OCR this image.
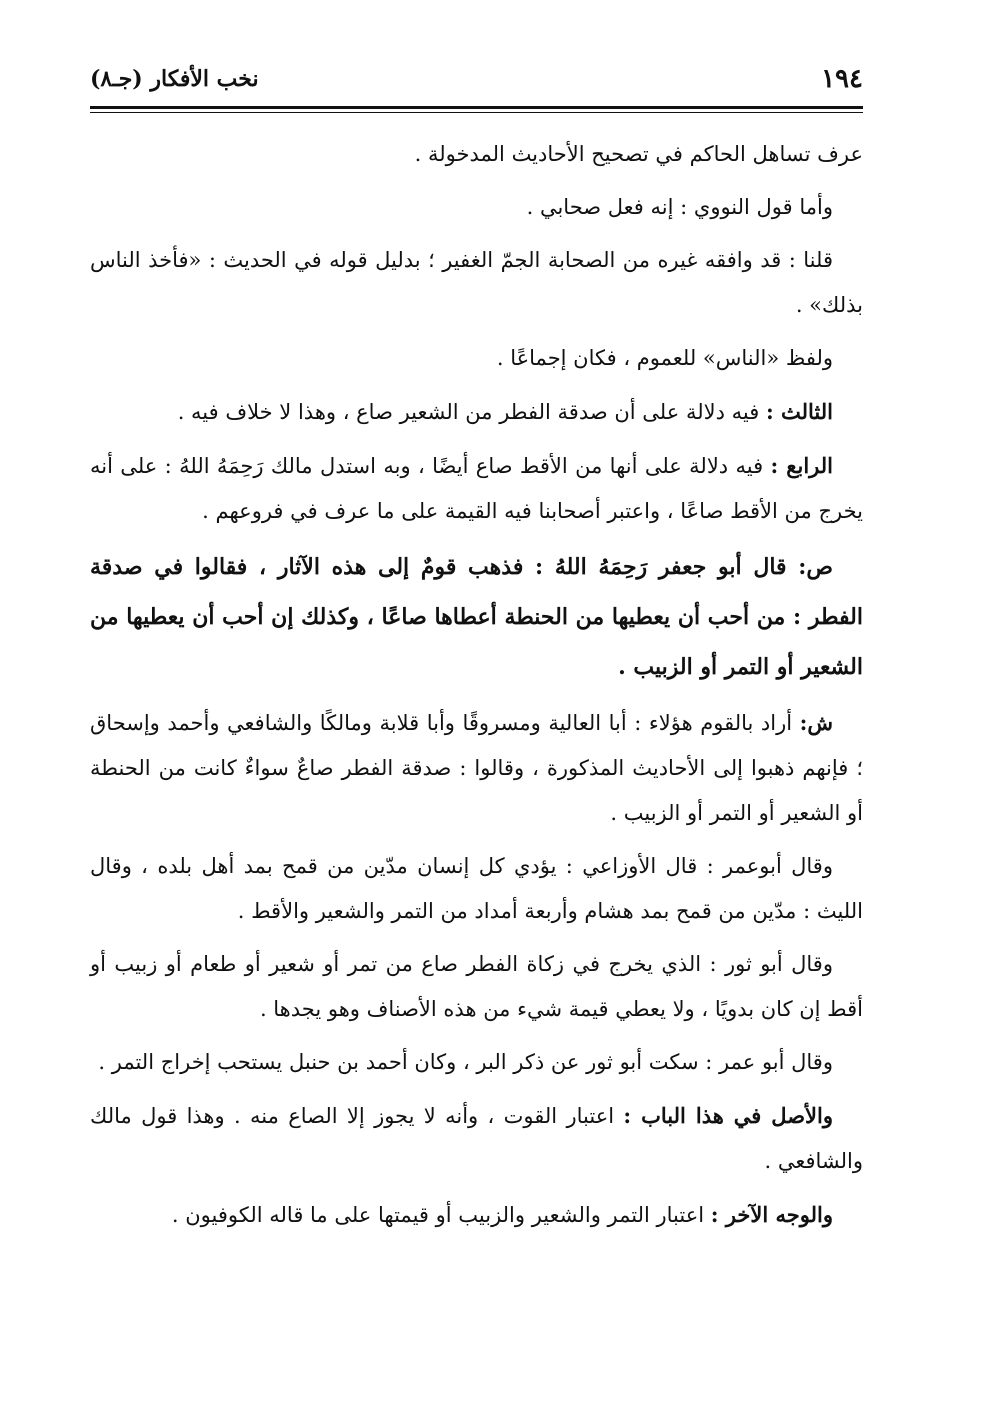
١٩٤
نخب الأفكار (جـ٨)

عرف تساهل الحاكم في تصحيح الأحاديث المدخولة .

وأما قول النووي : إنه فعل صحابي .

قلنا : قد وافقه غيره من الصحابة الجمّ الغفير ؛ بدليل قوله في الحديث : «فأخذ الناس بذلك» .

ولفظ «الناس» للعموم ، فكان إجماعًا .

الثالث : فيه دلالة على أن صدقة الفطر من الشعير صاع ، وهذا لا خلاف فيه .

الرابع : فيه دلالة على أنها من الأقط صاع أيضًا ، وبه استدل مالك رَحِمَهُ اللهُ : على أنه يخرج من الأقط صاعًا ، واعتبر أصحابنا فيه القيمة على ما عرف في فروعهم .

ص: قال أبو جعفر رَحِمَهُ اللهُ : فذهب قومٌ إلى هذه الآثار ، فقالوا في صدقة الفطر : من أحب أن يعطيها من الحنطة أعطاها صاعًا ، وكذلك إن أحب أن يعطيها من الشعير أو التمر أو الزبيب .

ش: أراد بالقوم هؤلاء : أبا العالية ومسروقًا وأبا قلابة ومالكًا والشافعي وأحمد وإسحاق ؛ فإنهم ذهبوا إلى الأحاديث المذكورة ، وقالوا : صدقة الفطر صاعٌ سواءٌ كانت من الحنطة أو الشعير أو التمر أو الزبيب .

وقال أبوعمر : قال الأوزاعي : يؤدي كل إنسان مدّين من قمح بمد أهل بلده ، وقال الليث : مدّين من قمح بمد هشام وأربعة أمداد من التمر والشعير والأقط .

وقال أبو ثور : الذي يخرج في زكاة الفطر صاع من تمر أو شعير أو طعام أو زبيب أو أقط إن كان بدويًا ، ولا يعطي قيمة شيء من هذه الأصناف وهو يجدها .

وقال أبو عمر : سكت أبو ثور عن ذكر البر ، وكان أحمد بن حنبل يستحب إخراج التمر .

والأصل في هذا الباب : اعتبار القوت ، وأنه لا يجوز إلا الصاع منه . وهذا قول مالك والشافعي .

والوجه الآخر : اعتبار التمر والشعير والزبيب أو قيمتها على ما قاله الكوفيون .
